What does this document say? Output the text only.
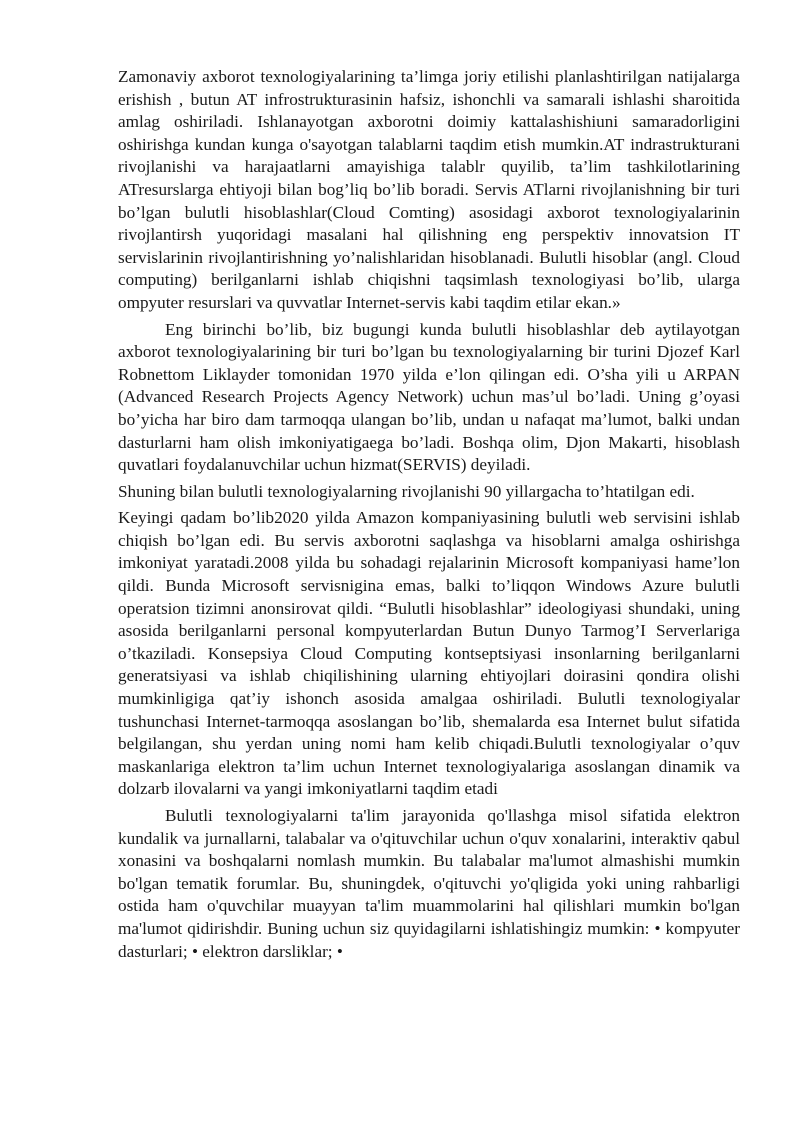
Zamonaviy axborot texnologiyalarining ta’limga joriy etilishi planlashtirilgan natijalarga erishish , butun AT infrostrukturasinin hafsiz, ishonchli va samarali ishlashi sharoitida amlag oshiriladi. Ishlanayotgan axborotni doimiy kattalashishiuni samaradorligini oshirishga kundan kunga o'sayotgan talablarni taqdim etish mumkin.AT indrastrukturani rivojlanishi va harajaatlarni amayishiga talablr quyilib, ta’lim tashkilotlarining ATresurslarga ehtiyoji bilan bog’liq bo’lib boradi. Servis ATlarni rivojlanishning bir turi bo’lgan bulutli hisoblashlar(Cloud Comting) asosidagi axborot texnologiyalarinin rivojlantirsh yuqoridagi masalani hal qilishning eng perspektiv innovatsion IT servislarinin rivojlantirishning yo’nalishlaridan hisoblanadi. Bulutli hisoblar (angl. Cloud computing) berilganlarni ishlab chiqishni taqsimlash texnologiyasi bo’lib, ularga ompyuter resurslari va quvvatlar Internet-servis kabi taqdim etilar ekan.»

Eng birinchi bo’lib, biz bugungi kunda bulutli hisoblashlar deb aytilayotgan axborot texnologiyalarining bir turi bo’lgan bu texnologiyalarning bir turini Djozef Karl Robnettom Liklayder tomonidan 1970 yilda e’lon qilingan edi. O’sha yili u ARPAN (Advanced Research Projects Agency Network) uchun mas’ul bo’ladi. Uning g’oyasi bo’yicha har biro dam tarmoqqa ulangan bo’lib, undan u nafaqat ma’lumot, balki undan dasturlarni ham olish imkoniyatigaega bo’ladi. Boshqa olim, Djon Makarti, hisoblash quvatlari foydalanuvchilar uchun hizmat(SERVIS) deyiladi.

Shuning bilan bulutli texnologiyalarning rivojlanishi 90 yillargacha to’htatilgan edi.

Keyingi qadam bo’lib2020 yilda Amazon kompaniyasining bulutli web servisini ishlab chiqish bo’lgan edi. Bu servis axborotni saqlashga va hisoblarni amalga oshirishga imkoniyat yaratadi.2008 yilda bu sohadagi rejalarinin Microsoft kompaniyasi hame’lon qildi. Bunda Microsoft servisnigina emas, balki to’liqqon Windows Azure bulutli operatsion tizimni anonsirovat qildi. “Bulutli hisoblashlar” ideologiyasi shundaki, uning asosida berilganlarni personal kompyuterlardan Butun Dunyo Tarmog’I Serverlariga o’tkaziladi. Konsepsiya Cloud Computing kontseptsiyasi insonlarning berilganlarni generatsiyasi va ishlab chiqilishining ularning ehtiyojlari doirasini qondira olishi mumkinligiga qat’iy ishonch asosida amalgaa oshiriladi. Bulutli texnologiyalar tushunchasi Internet-tarmoqqa asoslangan bo’lib, shemalarda esa Internet bulut sifatida belgilangan, shu yerdan uning nomi ham kelib chiqadi.Bulutli texnologiyalar o’quv maskanlariga elektron ta’lim uchun Internet texnologiyalariga asoslangan dinamik va dolzarb ilovalarni va yangi imkoniyatlarni taqdim etadi

Bulutli texnologiyalarni ta'lim jarayonida qo'llashga misol sifatida elektron kundalik va jurnallarni, talabalar va o'qituvchilar uchun o'quv xonalarini, interaktiv qabul xonasini va boshqalarni nomlash mumkin. Bu talabalar ma'lumot almashishi mumkin bo'lgan tematik forumlar. Bu, shuningdek, o'qituvchi yo'qligida yoki uning rahbarligi ostida ham o'quvchilar muayyan ta'lim muammolarini hal qilishlari mumkin bo'lgan ma'lumot qidirishdir. Buning uchun siz quyidagilarni ishlatishingiz mumkin: • kompyuter dasturlari; • elektron darsliklar; •
